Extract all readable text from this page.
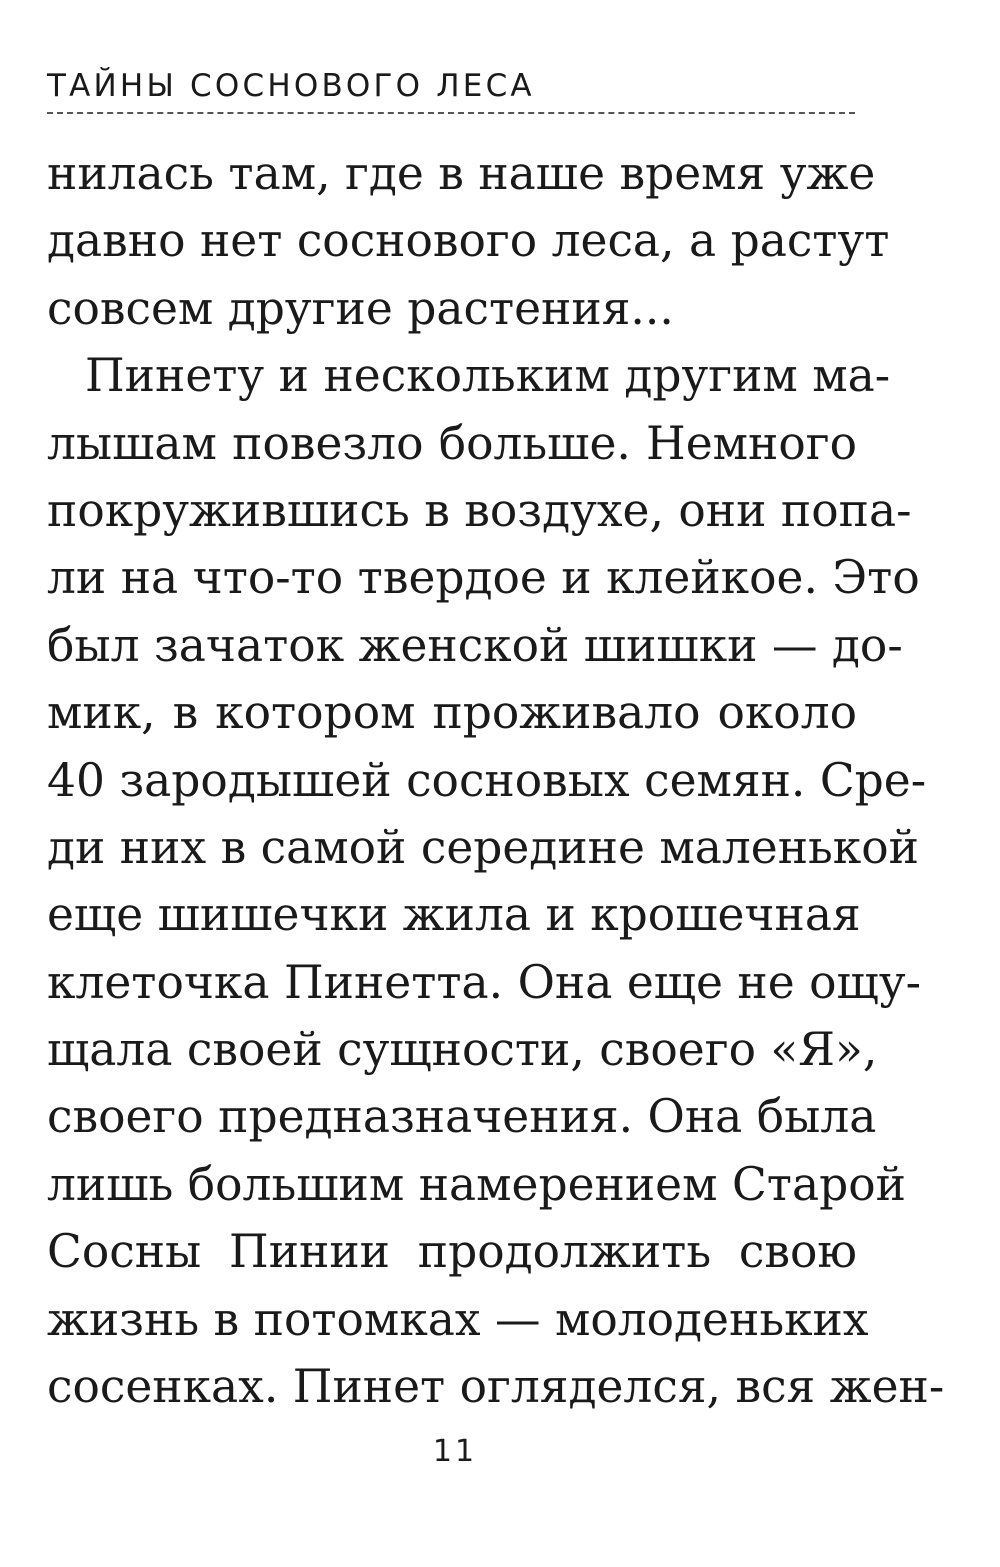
ТАЙНЫ СОСНОВОГО ЛЕСА
нилась там, где в наше время уже
давно нет соснового леса, а растут
совсем другие растения...
Пинету и нескольким другим ма-
лышам повезло больше. Немного
покружившись в воздухе, они попа-
ли на что-то твердое и клейкое. Это
был зачаток женской шишки — до-
мик, в котором проживало около
40 зародышей сосновых семян. Сре-
ди них в самой середине маленькой
еще шишечки жила и крошечная
клеточка Пинетта. Она еще не ощу-
щала своей сущности, своего «Я»,
своего предназначения. Она была
лишь большим намерением Старой
Сосны Пинии продолжить свою
жизнь в потомках — молоденьких
сосенках. Пинет огляделся, вся жен-
11
